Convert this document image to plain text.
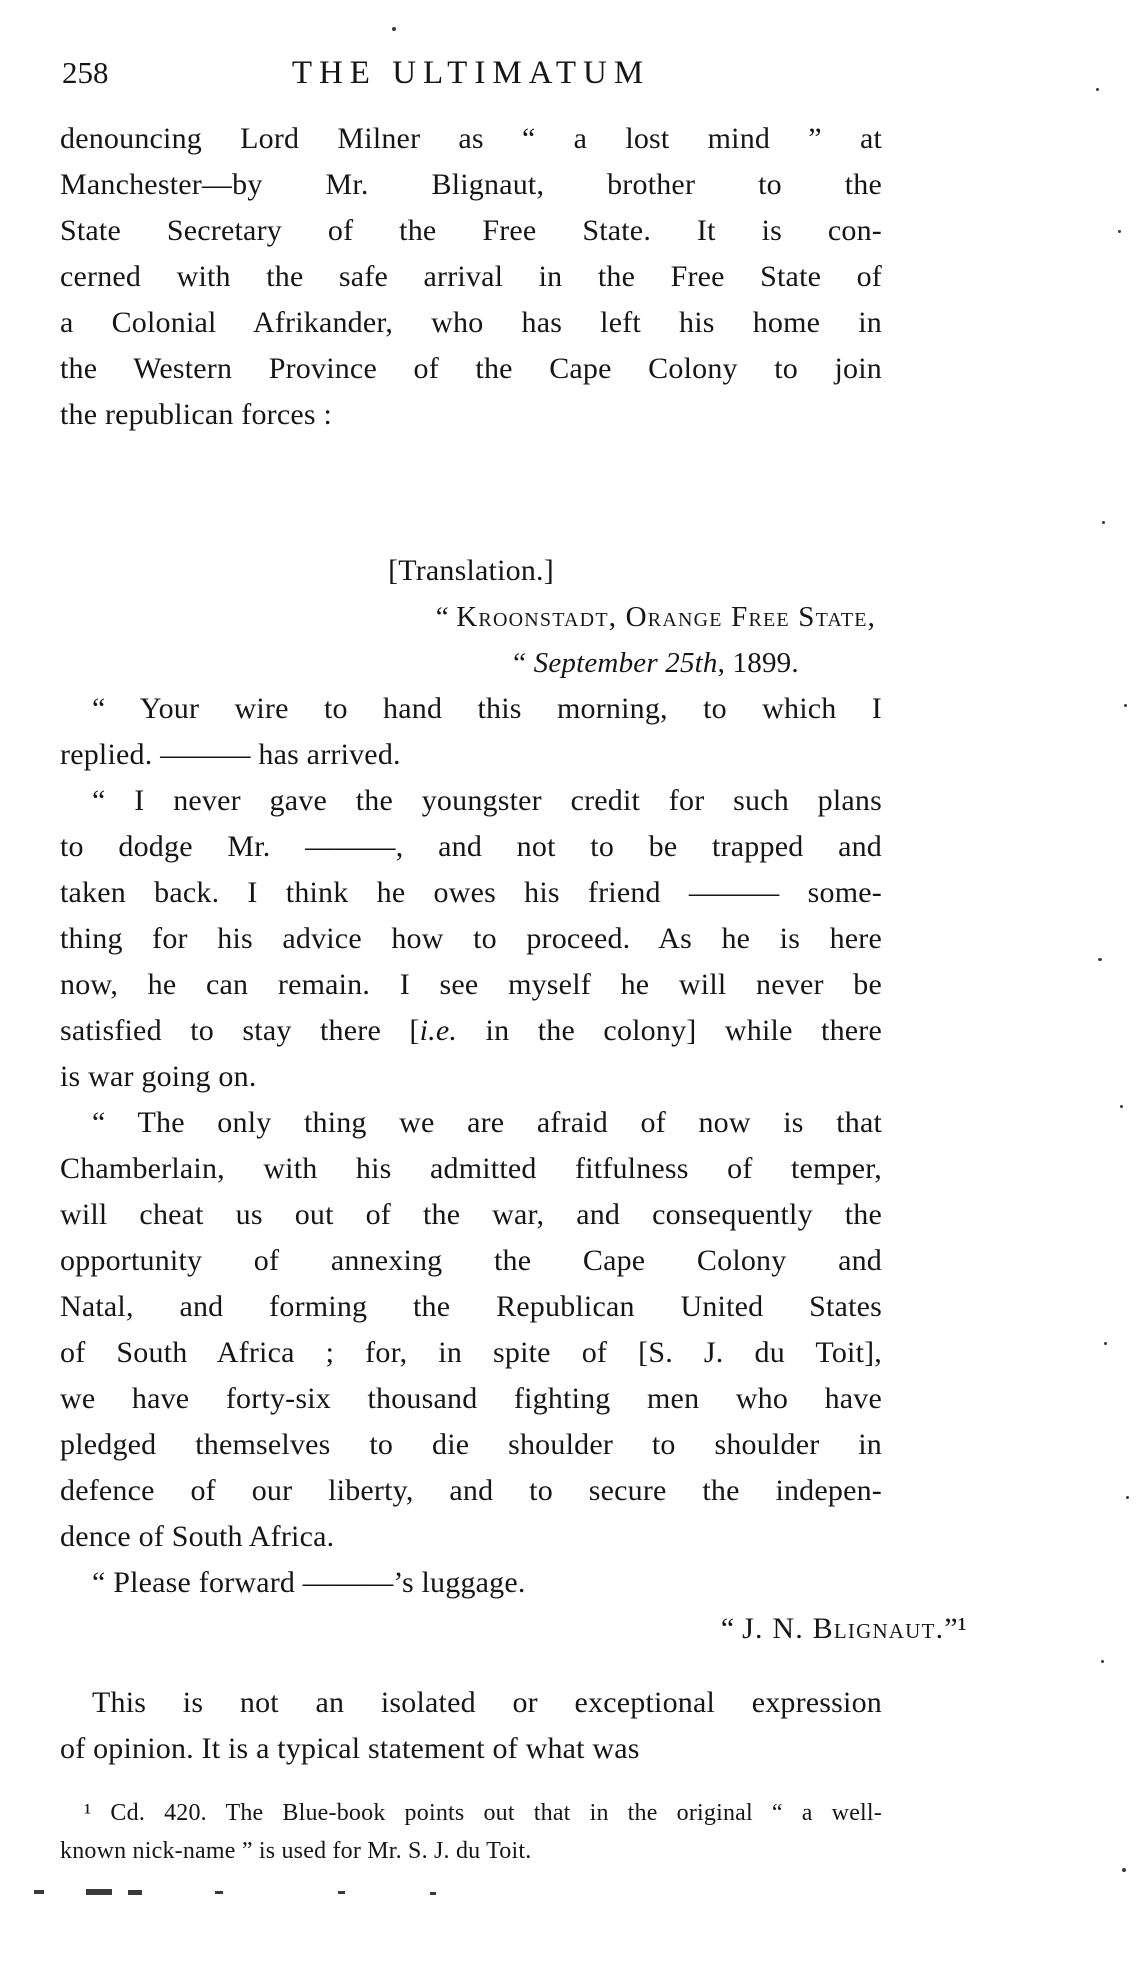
258	THE ULTIMATUM
denouncing Lord Milner as “ a lost mind ” at
Manchester—by Mr. Blignaut, brother to the
State Secretary of the Free State. It is con-
cerned with the safe arrival in the Free State of
a Colonial Afrikander, who has left his home in
the Western Province of the Cape Colony to join
the republican forces :
[Translation.]
“ Kroonstadt, Orange Free State,
“ September 25th, 1899.
“ Your wire to hand this morning, to which I
replied. ——— has arrived.
“ I never gave the youngster credit for such plans
to dodge Mr. ———, and not to be trapped and
taken back. I think he owes his friend ——— some-
thing for his advice how to proceed. As he is here
now, he can remain. I see myself he will never be
satisfied to stay there [i.e. in the colony] while there
is war going on.
“ The only thing we are afraid of now is that
Chamberlain, with his admitted fitfulness of temper,
will cheat us out of the war, and consequently the
opportunity of annexing the Cape Colony and
Natal, and forming the Republican United States
of South Africa ; for, in spite of [S. J. du Toit],
we have forty-six thousand fighting men who have
pledged themselves to die shoulder to shoulder in
defence of our liberty, and to secure the indepen-
dence of South Africa.
“ Please forward ———’s luggage.
“ J. N. Blignaut.”¹
This is not an isolated or exceptional expression
of opinion. It is a typical statement of what was
¹ Cd. 420. The Blue-book points out that in the original “ a well-
known nick-name ” is used for Mr. S. J. du Toit.
